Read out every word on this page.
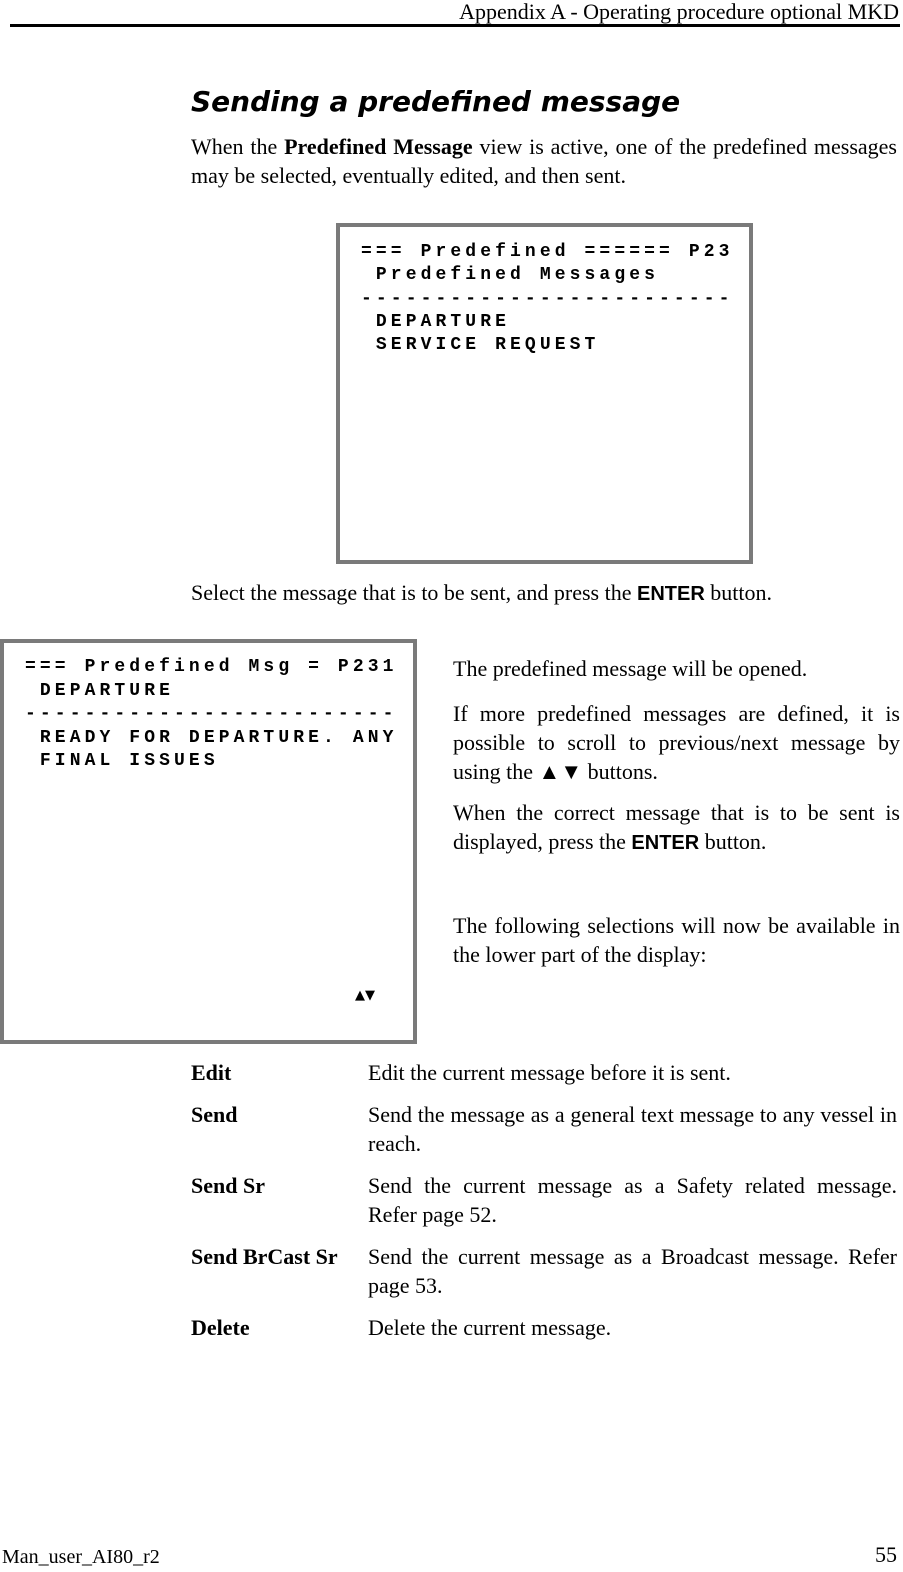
Appendix A - Operating procedure optional MKD
Sending a predefined message
When the Predefined Message view is active, one of the predefined messages may be selected, eventually edited, and then sent.
=== Predefined ====== P23
Predefined Messages
-------------------------
DEPARTURE
SERVICE REQUEST
Select the message that is to be sent, and press the ENTER button.
=== Predefined Msg = P231
DEPARTURE
-------------------------
READY FOR DEPARTURE. ANY
FINAL ISSUES
▲▼
The predefined message will be opened.
If more predefined messages are defined, it is possible to scroll to previous/next message by using the ▲▼ buttons.
When the correct message that is to be sent is displayed, press the ENTER button.
The following selections will now be available in the lower part of the display:
Edit	Edit the current message before it is sent.
Send	Send the message as a general text message to any vessel in reach.
Send Sr	Send the current message as a Safety related message. Refer page 52.
Send BrCast Sr	Send the current message as a Broadcast message. Refer page 53.
Delete	Delete the current message.
Man_user_AI80_r2	55
